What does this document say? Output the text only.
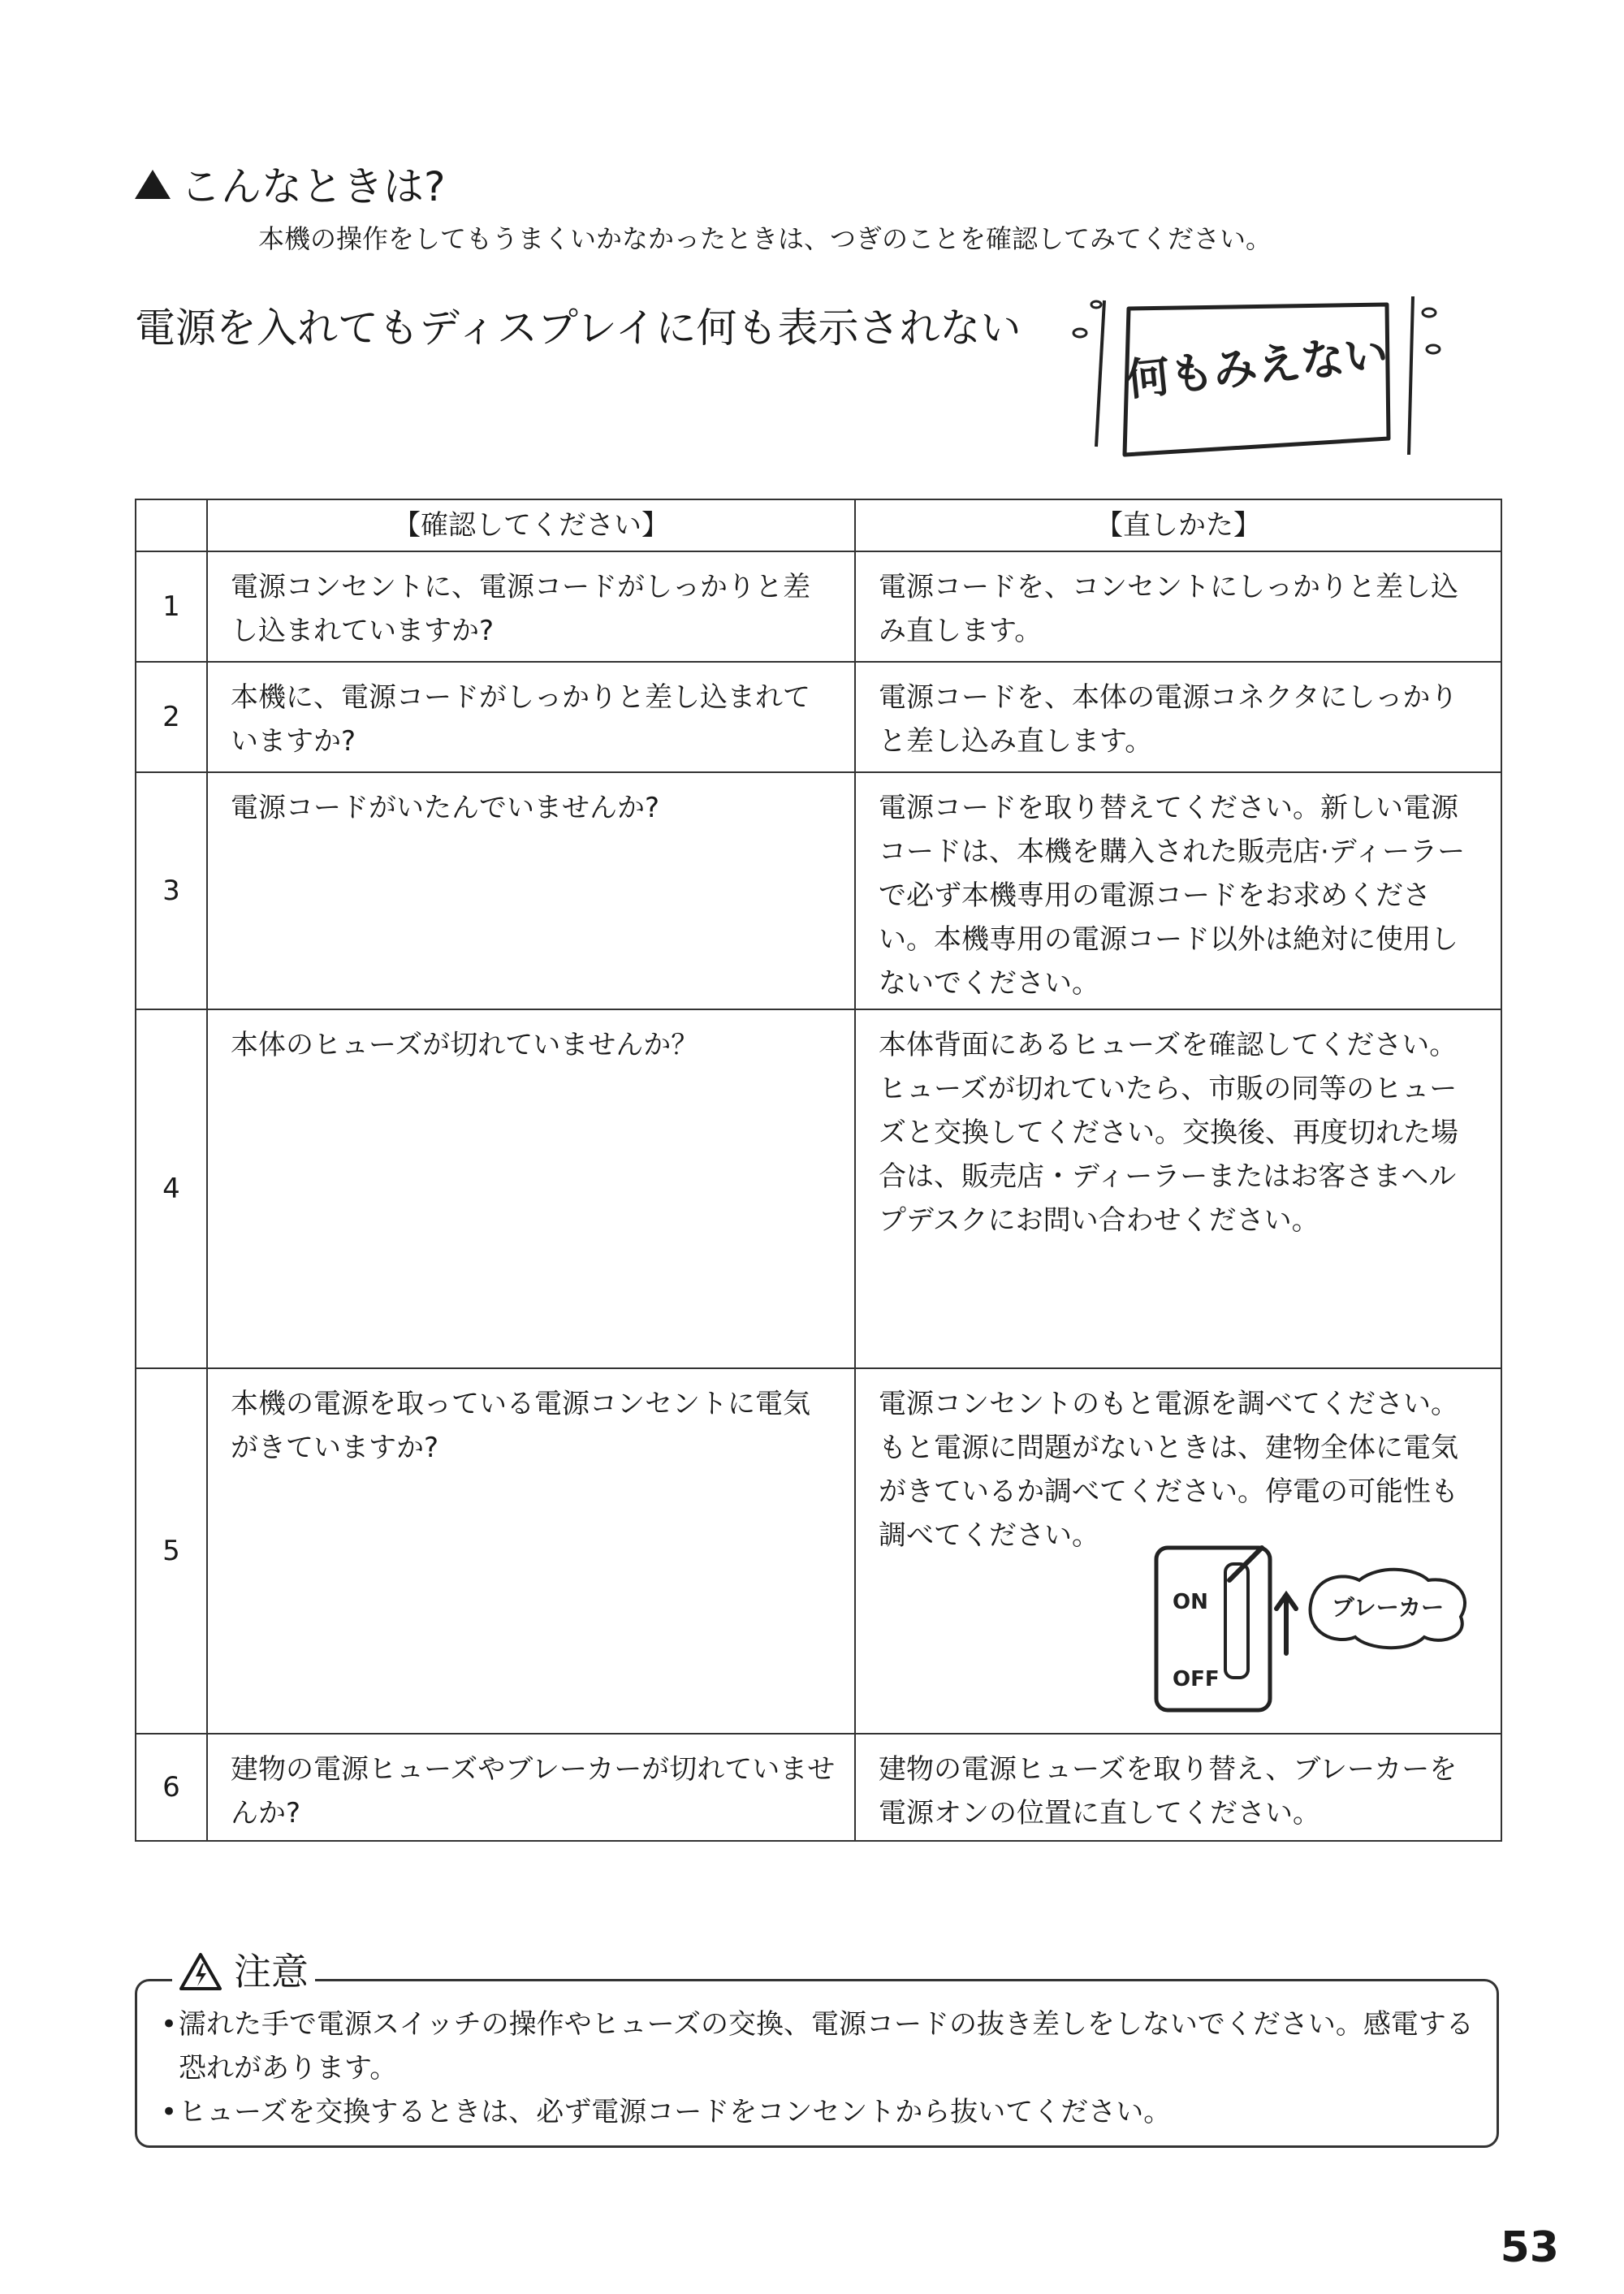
こんなときは?
本機の操作をしてもうまくいかなかったときは、つぎのことを確認してみてください。
電源を入れてもディスプレイに何も表示されない 何もみえない
	【確認してください】	【直しかた】
1	電源コンセントに、電源コードがしっかりと差し込まれていますか?	電源コードを、コンセントにしっかりと差し込み直します。
2	本機に、電源コードがしっかりと差し込まれていますか?	電源コードを、本体の電源コネクタにしっかりと差し込み直します。
3	電源コードがいたんでいませんか?	電源コードを取り替えてください。新しい電源コードは、本機を購入された販売店·ディーラーで必ず本機専用の電源コードをお求めください。本機専用の電源コード以外は絶対に使用しないでください。
4	本体のヒューズが切れていませんか？	本体背面にあるヒューズを確認してください。ヒューズが切れていたら、市販の同等のヒューズと交換してください。交換後、再度切れた場合は、販売店・ディーラーまたはお客さまヘルプデスクにお問い合わせください。
5	本機の電源を取っている電源コンセントに電気がきていますか?	電源コンセントのもと電源を調べてください。もと電源に問題がないときは、建物全体に電気がきているか調べてください。停電の可能性も調べてください。
ON
OFF
ブレーカー

6	建物の電源ヒューズやブレーカーが切れていませんか?	建物の電源ヒューズを取り替え、ブレーカーを電源オンの位置に直してください。
注意
• 濡れた手で電源スイッチの操作やヒューズの交換、電源コードの抜き差しをしないでください。感電する恐れがあります。
• ヒューズを交換するときは、必ず電源コードをコンセントから抜いてください。
53
